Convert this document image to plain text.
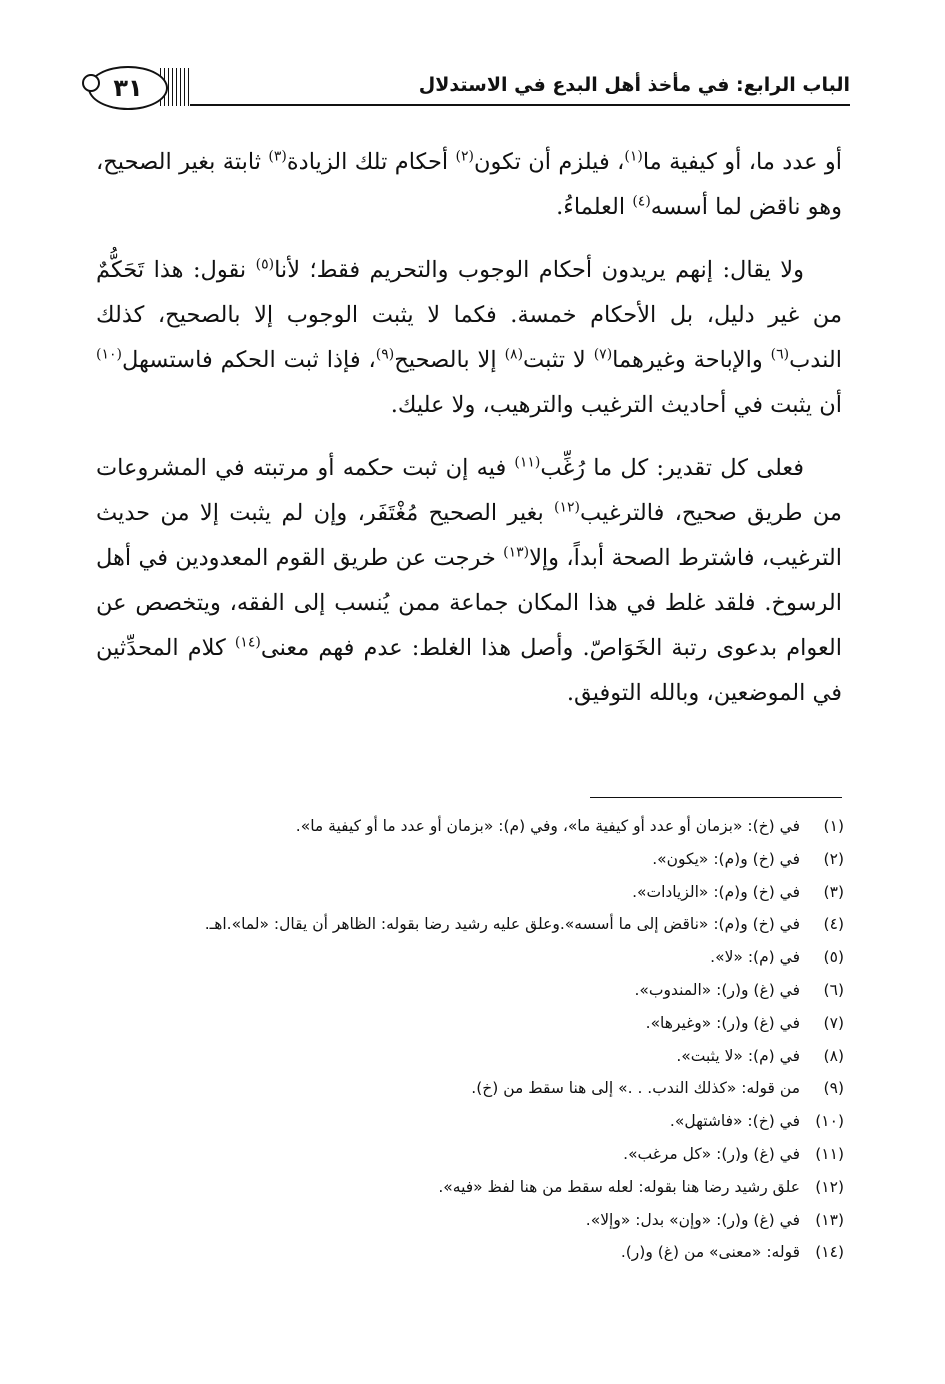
الباب الرابع: في مأخذ أهل البدع في الاستدلال
٣١

أو عدد ما، أو كيفية ما$^{(١)}$، فيلزم أن تكون$^{(٢)}$ أحكام تلك الزيادة$^{(٣)}$ ثابتة بغير الصحيح، وهو ناقض لما أسسه$^{(٤)}$ العلماءُ.

ولا يقال: إنهم يريدون أحكام الوجوب والتحريم فقط؛ لأنا$^{(٥)}$ نقول: هذا تَحَكُّمٌ من غير دليل، بل الأحكام خمسة. فكما لا يثبت الوجوب إلا بالصحيح، كذلك الندب$^{(٦)}$ والإباحة وغيرهما$^{(٧)}$ لا تثبت$^{(٨)}$ إلا بالصحيح$^{(٩)}$، فإذا ثبت الحكم فاستسهل$^{(١٠)}$ أن يثبت في أحاديث الترغيب والترهيب، ولا عليك.

فعلى كل تقدير: كل ما رُغِّب$^{(١١)}$ فيه إن ثبت حكمه أو مرتبته في المشروعات من طريق صحيح، فالترغيب$^{(١٢)}$ بغير الصحيح مُغْتَفَر، وإن لم يثبت إلا من حديث الترغيب، فاشترط الصحة أبداً، وإلا$^{(١٣)}$ خرجت عن طريق القوم المعدودين في أهل الرسوخ. فلقد غلط في هذا المكان جماعة ممن يُنسب إلى الفقه، ويتخصص عن العوام بدعوى رتبة الخَوَاصّ. وأصل هذا الغلط: عدم فهم معنى$^{(١٤)}$ كلام المحدِّثين في الموضعين، وبالله التوفيق.

(١)
في (خ): «بزمان أو عدد أو كيفية ما»، وفي (م): «بزمان أو عدد ما أو كيفية ما».
(٢)
في (خ) و(م): «يكون».
(٣)
في (خ) و(م): «الزيادات».
(٤)
في (خ) و(م): «ناقض إلى ما أسسه».وعلق عليه رشيد رضا بقوله: الظاهر أن يقال: «لما».اهـ.
(٥)
في (م): «لا».
(٦)
في (غ) و(ر): «المندوب».
(٧)
في (غ) و(ر): «وغيرها».
(٨)
في (م): «لا يثبت».
(٩)
من قوله: «كذلك الندب. . .» إلى هنا سقط من (خ).
(١٠)
في (خ): «فاشتهل».
(١١)
في (غ) و(ر): «كل مرغب».
(١٢)
علق رشيد رضا هنا بقوله: لعله سقط من هنا لفظ «فيه».
(١٣)
في (غ) و(ر): «وإن» بدل: «وإلا».
(١٤)
قوله: «معنى» من (غ) و(ر).
